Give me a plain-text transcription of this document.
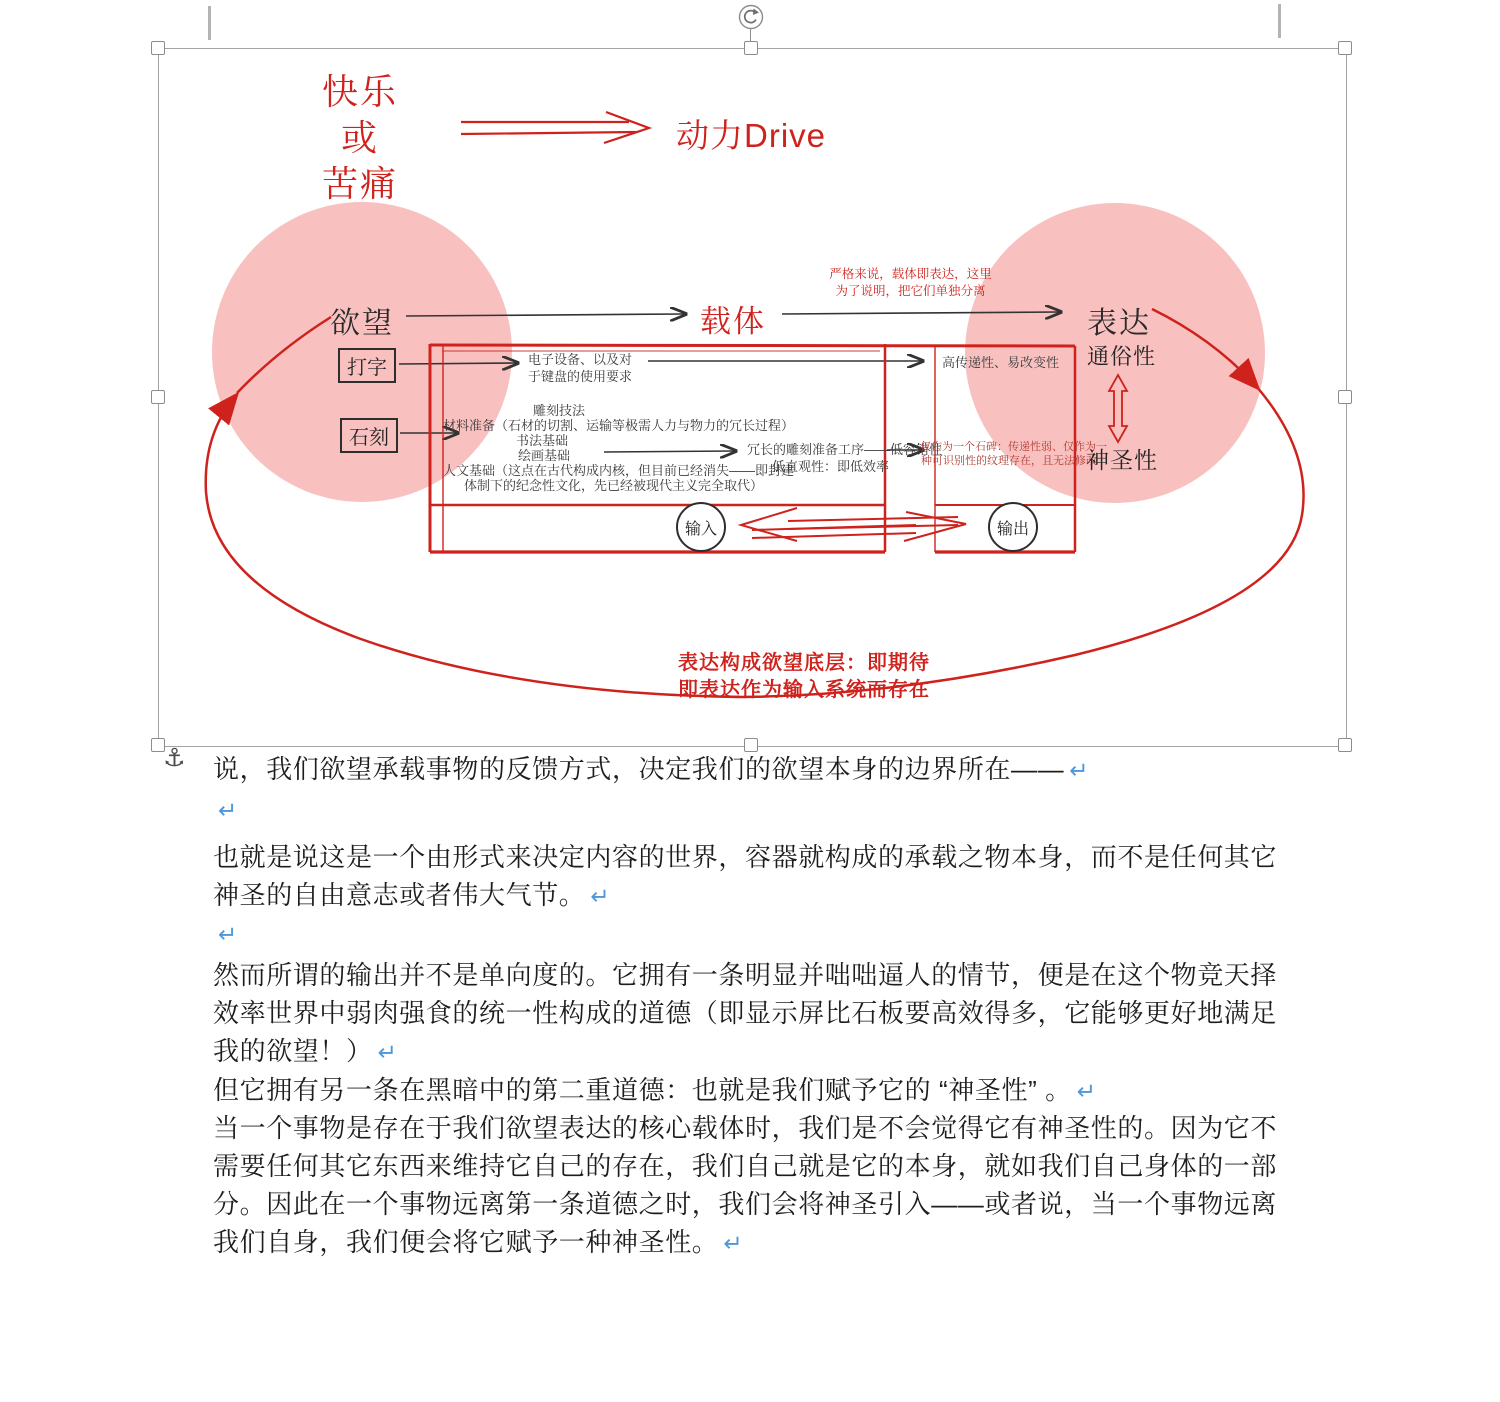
快乐
或
苦痛
动力Drive
欲望	载体	表达
严格来说，载体即表达，这里
为了说明，把它们单独分离
打字
石刻
电子设备、以及对
于键盘的使用要求
雕刻技法
材料准备（石材的切割、运输等极需人力与物力的冗长过程）
书法基础
绘画基础
人文基础（这点在古代构成内核，但目前已经消失——即封建
体制下的纪念性文化，先已经被现代主义完全取代）
冗长的雕刻准备工序——低容错性
低直观性：即低效率
高传递性、易改变性
仅作为一个石碑：传递性弱、仅作为一
种可识别性的纹理存在，且无法修改
通俗性
神圣性
输入	输出
表达构成欲望底层：即期待
即表达作为输入系统而存在
⚓ 说，我们欲望承载事物的反馈方式，决定我们的欲望本身的边界所在—— ↵
↵
也就是说这是一个由形式来决定内容的世界，容器就构成的承载之物本身，而不是任何其它
神圣的自由意志或者伟大气节。 ↵
↵
然而所谓的输出并不是单向度的。它拥有一条明显并咄咄逼人的情节，便是在这个物竞天择
效率世界中弱肉强食的统一性构成的道德（即显示屏比石板要高效得多，它能够更好地满足
我的欲望！） ↵
但它拥有另一条在黑暗中的第二重道德：也就是我们赋予它的 “神圣性” 。 ↵
当一个事物是存在于我们欲望表达的核心载体时，我们是不会觉得它有神圣性的。因为它不
需要任何其它东西来维持它自己的存在，我们自己就是它的本身，就如我们自己身体的一部
分。因此在一个事物远离第一条道德之时，我们会将神圣引入——或者说，当一个事物远离
我们自身，我们便会将它赋予一种神圣性。 ↵
